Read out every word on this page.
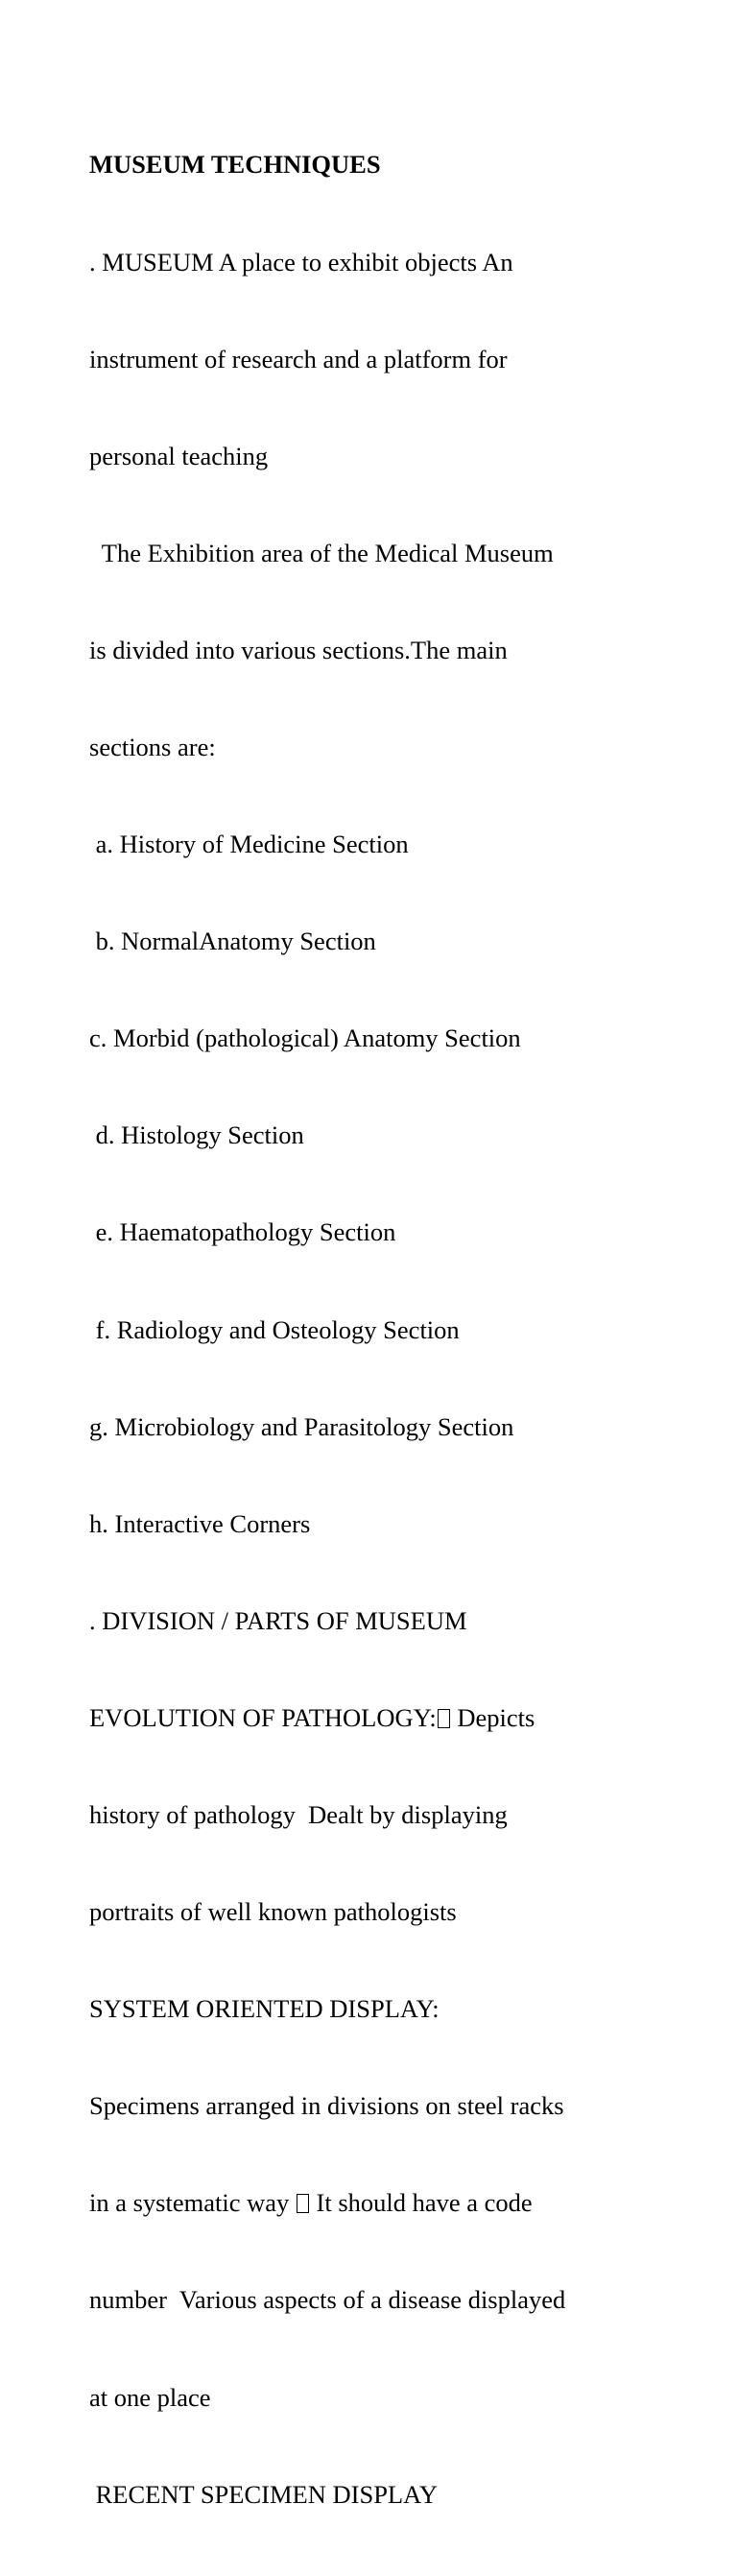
MUSEUM TECHNIQUES

. MUSEUM A place to exhibit objects An

instrument of research and a platform for

personal teaching

The Exhibition area of the Medical Museum

is divided into various sections.The main

sections are:

a. History of Medicine Section

b. NormalAnatomy Section

c. Morbid (pathological) Anatomy Section

d. Histology Section

e. Haematopathology Section

f. Radiology and Osteology Section

g. Microbiology and Parasitology Section

h. Interactive Corners

. DIVISION / PARTS OF MUSEUM

EVOLUTION OF PATHOLOGY: Depicts

history of pathology  Dealt by displaying

portraits of well known pathologists

SYSTEM ORIENTED DISPLAY:

Specimens arranged in divisions on steel racks

in a systematic way  It should have a code

number  Various aspects of a disease displayed

at one place

RECENT SPECIMEN DISPLAY
